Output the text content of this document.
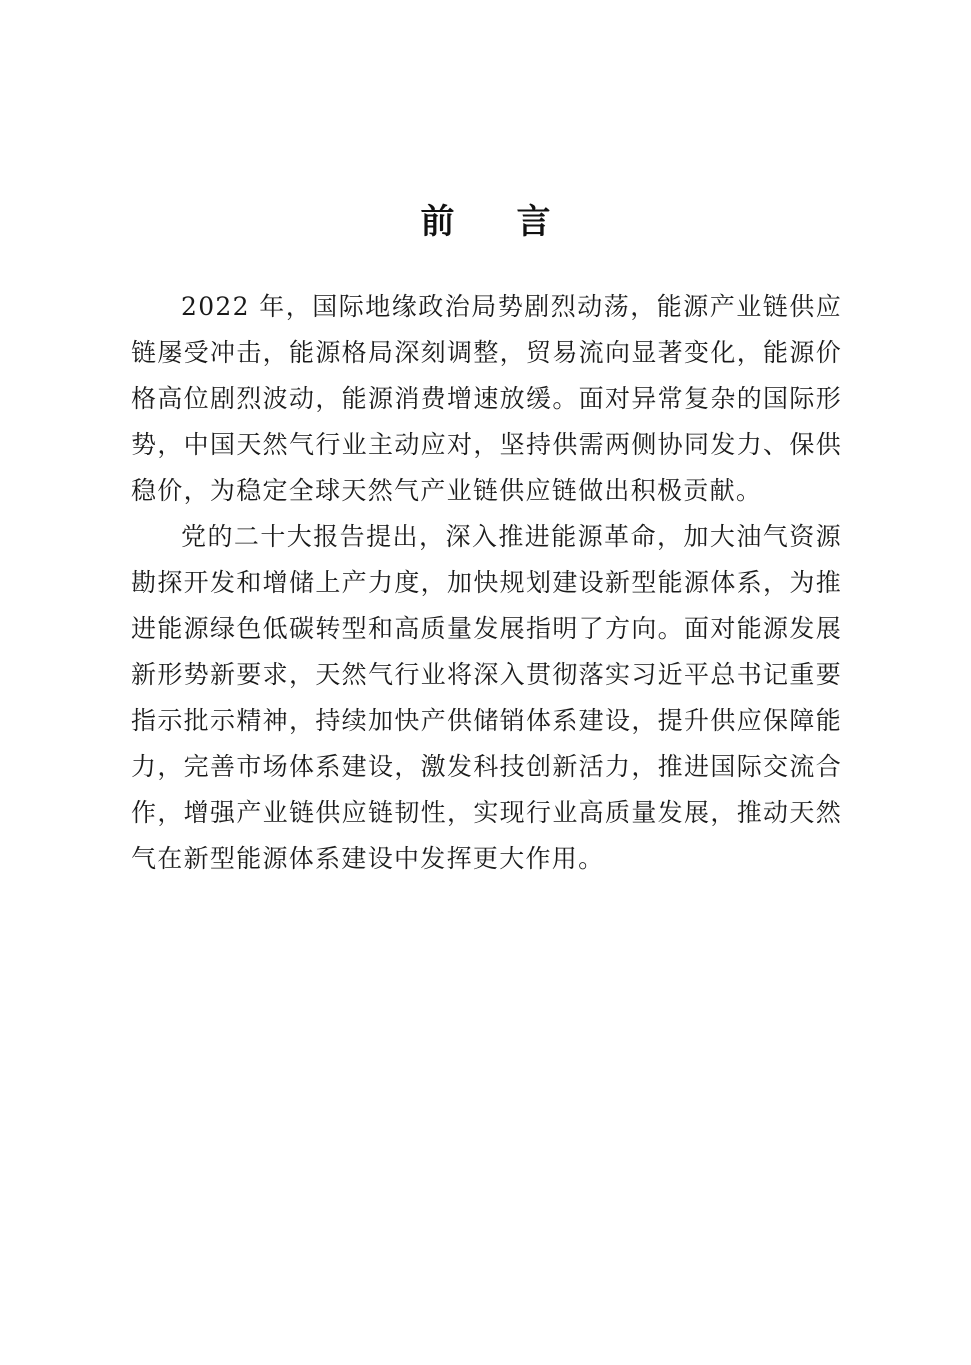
前言

2022 年，国际地缘政治局势剧烈动荡，能源产业链供应链屡受冲击，能源格局深刻调整，贸易流向显著变化，能源价格高位剧烈波动，能源消费增速放缓。面对异常复杂的国际形势，中国天然气行业主动应对，坚持供需两侧协同发力、保供稳价，为稳定全球天然气产业链供应链做出积极贡献。

党的二十大报告提出，深入推进能源革命，加大油气资源勘探开发和增储上产力度，加快规划建设新型能源体系，为推进能源绿色低碳转型和高质量发展指明了方向。面对能源发展新形势新要求，天然气行业将深入贯彻落实习近平总书记重要指示批示精神，持续加快产供储销体系建设，提升供应保障能力，完善市场体系建设，激发科技创新活力，推进国际交流合作，增强产业链供应链韧性，实现行业高质量发展，推动天然气在新型能源体系建设中发挥更大作用。
